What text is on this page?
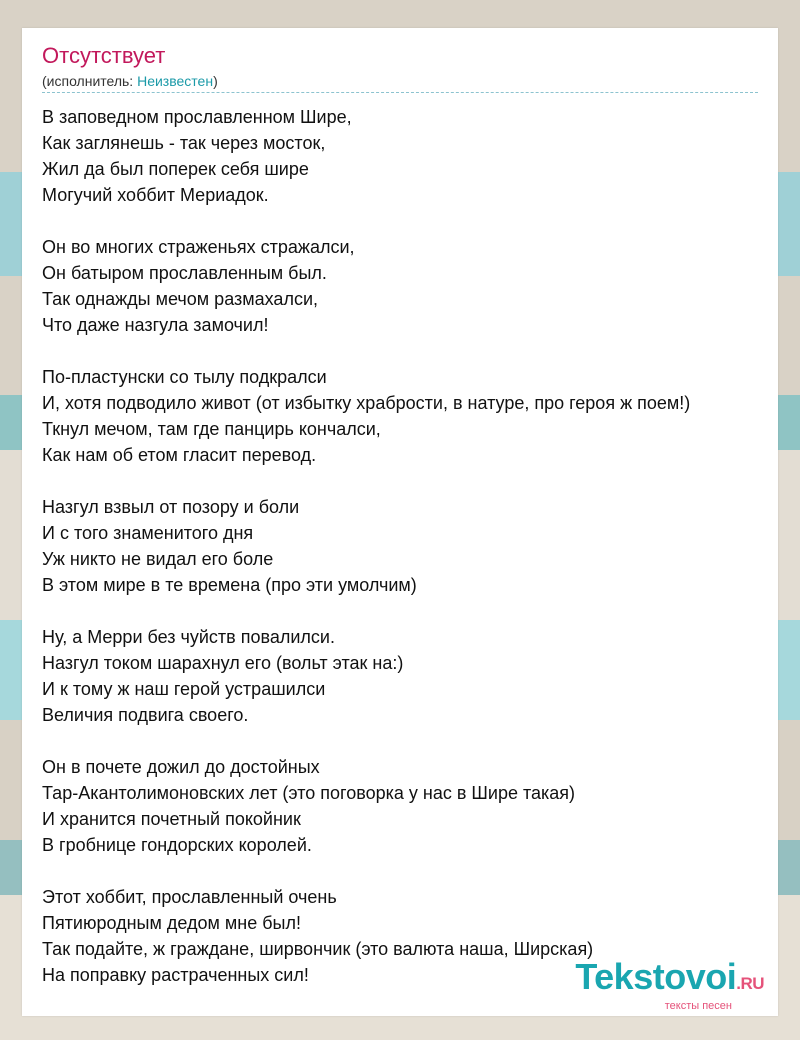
Отсутствует
(исполнитель: Неизвестен)
В заповедном прославленном Шире,
Как заглянешь - так через мосток,
Жил да был поперек себя шире
Могучий хоббит Мериадок.
Он во многих страженьях стражалси,
Он батыром прославленным был.
Так однажды мечом размахалси,
Что даже назгула замочил!
По-пластунски со тылу подкралси
И, хотя подводило живот (от избытку храбрости, в натуре, про героя ж поем!)
Ткнул мечом, там где панцирь кончалси,
Как нам об етом гласит перевод.
Назгул взвыл от позору и боли
И с того знаменитого дня
Уж никто не видал его боле
В этом мире в те времена (про эти умолчим)
Ну, а Мерри без чуйств повалилси.
Назгул током шарахнул его (вольт этак на:)
И к тому ж наш герой устрашилси
Величия подвига своего.
Он в почете дожил до достойных
Тар-Акантолимоновских лет (это поговорка у нас в Шире такая)
И хранится почетный покойник
В гробнице гондорских королей.
Этот хоббит, прославленный очень
Пятиюродным дедом мне был!
Так подайте, ж граждане, ширвончик (это валюта наша, Ширская)
На поправку растраченных сил!	Tekstovoi.RU
тексты песен
